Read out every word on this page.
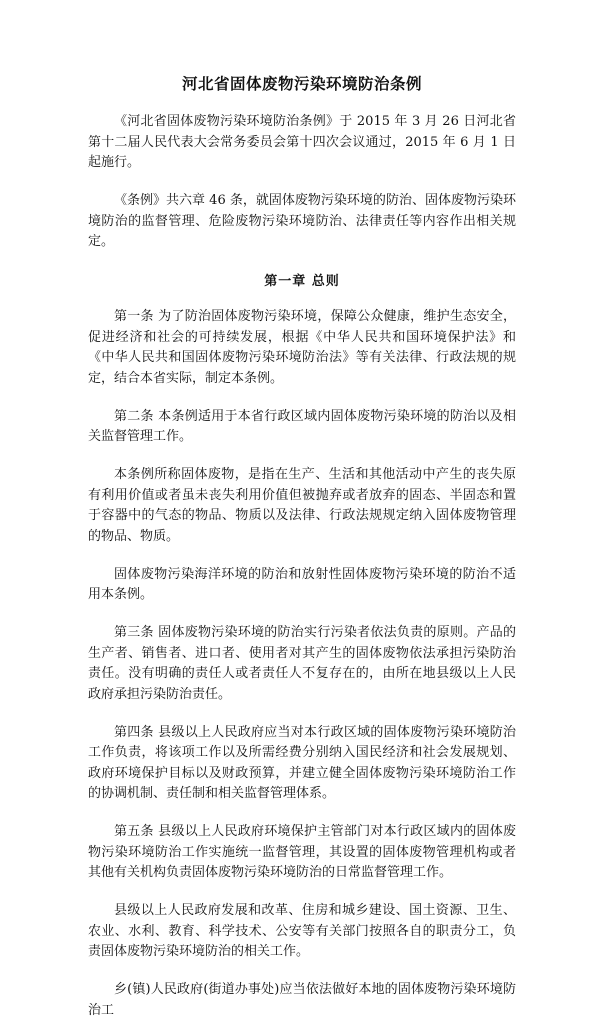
河北省固体废物污染环境防治条例

《河北省固体废物污染环境防治条例》于 2015 年 3 月 26 日河北省第十二届人民代表大会常务委员会第十四次会议通过，2015 年 6 月 1 日起施行。

《条例》共六章 46 条，就固体废物污染环境的防治、固体废物污染环境防治的监督管理、危险废物污染环境防治、法律责任等内容作出相关规定。

第一章 总则

第一条 为了防治固体废物污染环境，保障公众健康，维护生态安全，促进经济和社会的可持续发展，根据《中华人民共和国环境保护法》和《中华人民共和国固体废物污染环境防治法》等有关法律、行政法规的规定，结合本省实际，制定本条例。

第二条 本条例适用于本省行政区域内固体废物污染环境的防治以及相关监督管理工作。

本条例所称固体废物，是指在生产、生活和其他活动中产生的丧失原有利用价值或者虽未丧失利用价值但被抛弃或者放弃的固态、半固态和置于容器中的气态的物品、物质以及法律、行政法规规定纳入固体废物管理的物品、物质。

固体废物污染海洋环境的防治和放射性固体废物污染环境的防治不适用本条例。

第三条 固体废物污染环境的防治实行污染者依法负责的原则。产品的生产者、销售者、进口者、使用者对其产生的固体废物依法承担污染防治责任。没有明确的责任人或者责任人不复存在的，由所在地县级以上人民政府承担污染防治责任。

第四条 县级以上人民政府应当对本行政区域的固体废物污染环境防治工作负责，将该项工作以及所需经费分别纳入国民经济和社会发展规划、政府环境保护目标以及财政预算，并建立健全固体废物污染环境防治工作的协调机制、责任制和相关监督管理体系。

第五条 县级以上人民政府环境保护主管部门对本行政区域内的固体废物污染环境防治工作实施统一监督管理，其设置的固体废物管理机构或者其他有关机构负责固体废物污染环境防治的日常监督管理工作。

县级以上人民政府发展和改革、住房和城乡建设、国土资源、卫生、农业、水利、教育、科学技术、公安等有关部门按照各自的职责分工，负责固体废物污染环境防治的相关工作。

乡(镇)人民政府(街道办事处)应当依法做好本地的固体废物污染环境防治工
